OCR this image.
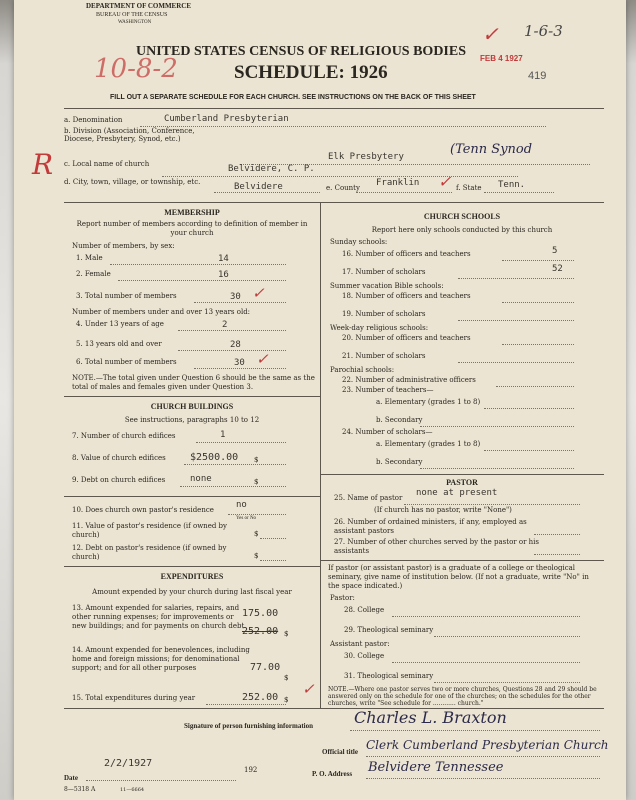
DEPARTMENT OF COMMERCE
BUREAU OF THE CENSUS
WASHINGTON	✓ 1-6-3
UNITED STATES CENSUS OF RELIGIOUS BODIES
SCHEDULE: 1926
10-8-2	FEB 4 1927
419
FILL OUT A SEPARATE SCHEDULE FOR EACH CHURCH. SEE INSTRUCTIONS ON THE BACK OF THIS SHEET
a. Denomination	Cumberland Presbyterian
b. Division (Association, Conference, Diocese, Presbytery, Synod, etc.)
Elk Presbytery	(Tenn Synod
R c. Local name of church	Belvidere, C. P.
d. City, town, village, or township, etc.	Belvidere	e. County Franklin ✓ f. State Tenn.
MEMBERSHIP
Report number of members according to definition of member in your church
Number of members, by sex:
1. Male	14
2. Female	16
3. Total number of members	30 ✓
Number of members under and over 13 years old:
4. Under 13 years of age	2
5. 13 years old and over	28
6. Total number of members	30 ✓
NOTE.—The total given under Question 6 should be the same as the total of males and females given under Question 3.
CHURCH BUILDINGS
See instructions, paragraphs 10 to 12
7. Number of church edifices	1
8. Value of church edifices $2500.00 $
9. Debt on church edifices	none	$
10. Does church own pastor's residence no
Yes or No
11. Value of pastor's residence (if owned by church)	$
12. Debt on pastor's residence (if owned by church)	$
EXPENDITURES
Amount expended by your church during last fiscal year
13. Amount expended for salaries, repairs, and other running expenses; for improvements or new buildings; and for payments on church debt
175.00
252.00 $
14. Amount expended for benevolences, including home and foreign missions; for denominational support; and for all other purposes	77.00
$
15. Total expenditures during year	252.00 $
✓
CHURCH SCHOOLS
Report here only schools conducted by this church
Sunday schools:
16. Number of officers and teachers	5
17. Number of scholars	52
Summer vacation Bible schools:
18. Number of officers and teachers
19. Number of scholars
Week-day religious schools:
20. Number of officers and teachers
21. Number of scholars
Parochial schools:
22. Number of administrative officers
23. Number of teachers—
a. Elementary (grades 1 to 8)
b. Secondary
24. Number of scholars—
a. Elementary (grades 1 to 8)
b. Secondary
PASTOR
25. Name of pastor none at present
(If church has no pastor, write "None")
26. Number of ordained ministers, if any, employed as assistant pastors
27. Number of other churches served by the pastor or his assistants
If pastor (or assistant pastor) is a graduate of a college or theological seminary, give name of institution below. (If not a graduate, write "No" in the space indicated.)
Pastor:
28. College
29. Theological seminary
Assistant pastor:
30. College
31. Theological seminary
NOTE.—Where one pastor serves two or more churches, Questions 28 and 29 should be answered only on the schedule for one of the churches; on the schedules for the other churches, write "See schedule for ............ church."
Signature of person furnishing information	Charles L. Braxton
Official title Clerk Cumberland Presbyterian Church
Date
2/2/1927
192	P. O. Address Belvidere Tennessee
8—5318 A	11—6664
